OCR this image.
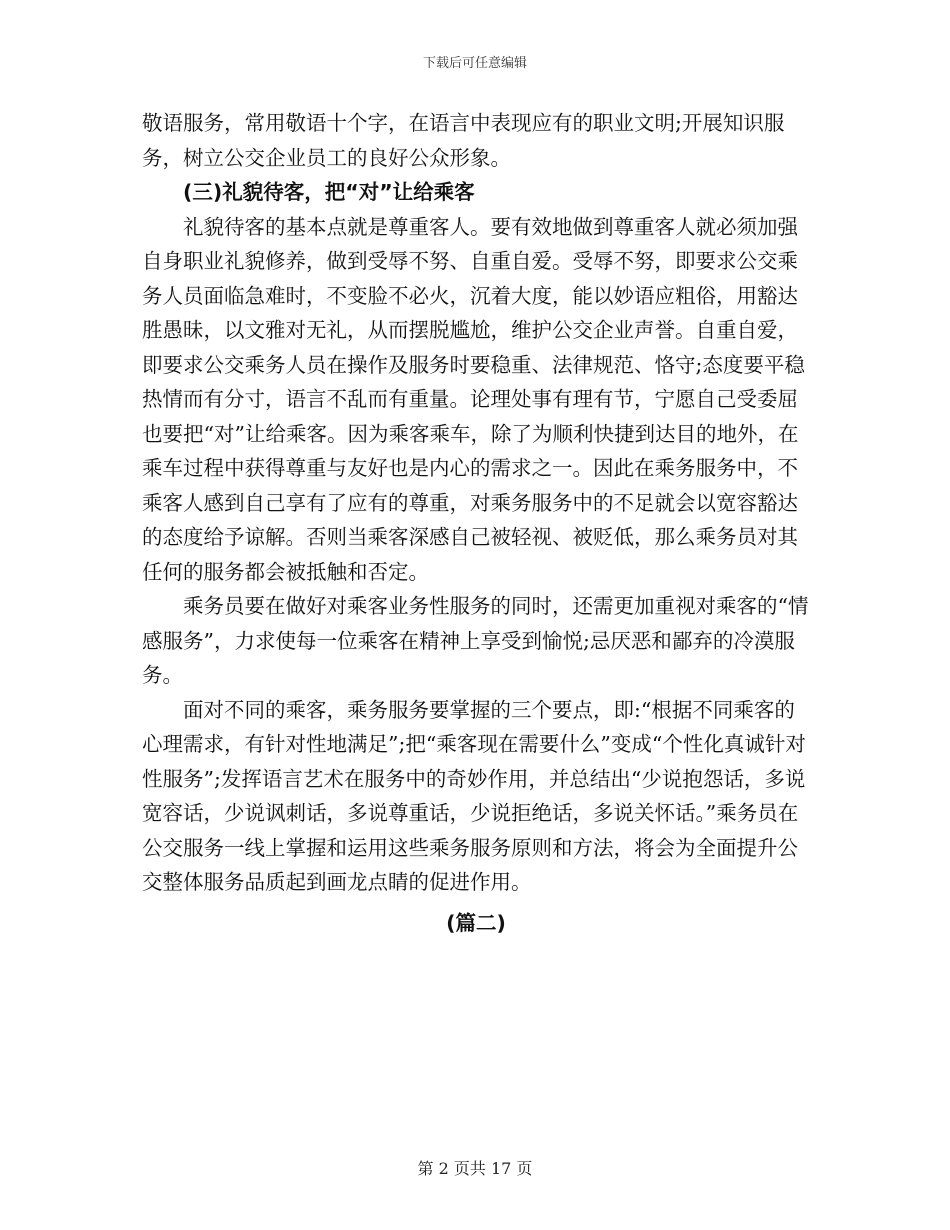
下载后可任意编辑

敬语服务，常用敬语十个字，在语言中表现应有的职业文明;开展知识服务，树立公交企业员工的良好公众形象。

(三)礼貌待客，把“对”让给乘客

礼貌待客的基本点就是尊重客人。要有效地做到尊重客人就必须加强自身职业礼貌修养，做到受辱不努、自重自爱。受辱不努，即要求公交乘务人员面临急难时，不变脸不必火，沉着大度，能以妙语应粗俗，用豁达胜愚昧，以文雅对无礼，从而摆脱尴尬，维护公交企业声誉。自重自爱，即要求公交乘务人员在操作及服务时要稳重、法律规范、恪守;态度要平稳热情而有分寸，语言不乱而有重量。论理处事有理有节，宁愿自己受委屈也要把“对”让给乘客。因为乘客乘车，除了为顺利快捷到达目的地外，在乘车过程中获得尊重与友好也是内心的需求之一。因此在乘务服务中，不乘客人感到自己享有了应有的尊重，对乘务服务中的不足就会以宽容豁达的态度给予谅解。否则当乘客深感自己被轻视、被贬低，那么乘务员对其任何的服务都会被抵触和否定。

乘务员要在做好对乘客业务性服务的同时，还需更加重视对乘客的“情感服务”，力求使每一位乘客在精神上享受到愉悦;忌厌恶和鄙弃的冷漠服务。

面对不同的乘客，乘务服务要掌握的三个要点，即:“根据不同乘客的心理需求，有针对性地满足”;把“乘客现在需要什么”变成“个性化真诚针对性服务”;发挥语言艺术在服务中的奇妙作用，并总结出“少说抱怨话，多说宽容话，少说讽刺话，多说尊重话，少说拒绝话，多说关怀话。”乘务员在公交服务一线上掌握和运用这些乘务服务原则和方法，将会为全面提升公交整体服务品质起到画龙点睛的促进作用。

(篇二)

第 2 页共 17 页
